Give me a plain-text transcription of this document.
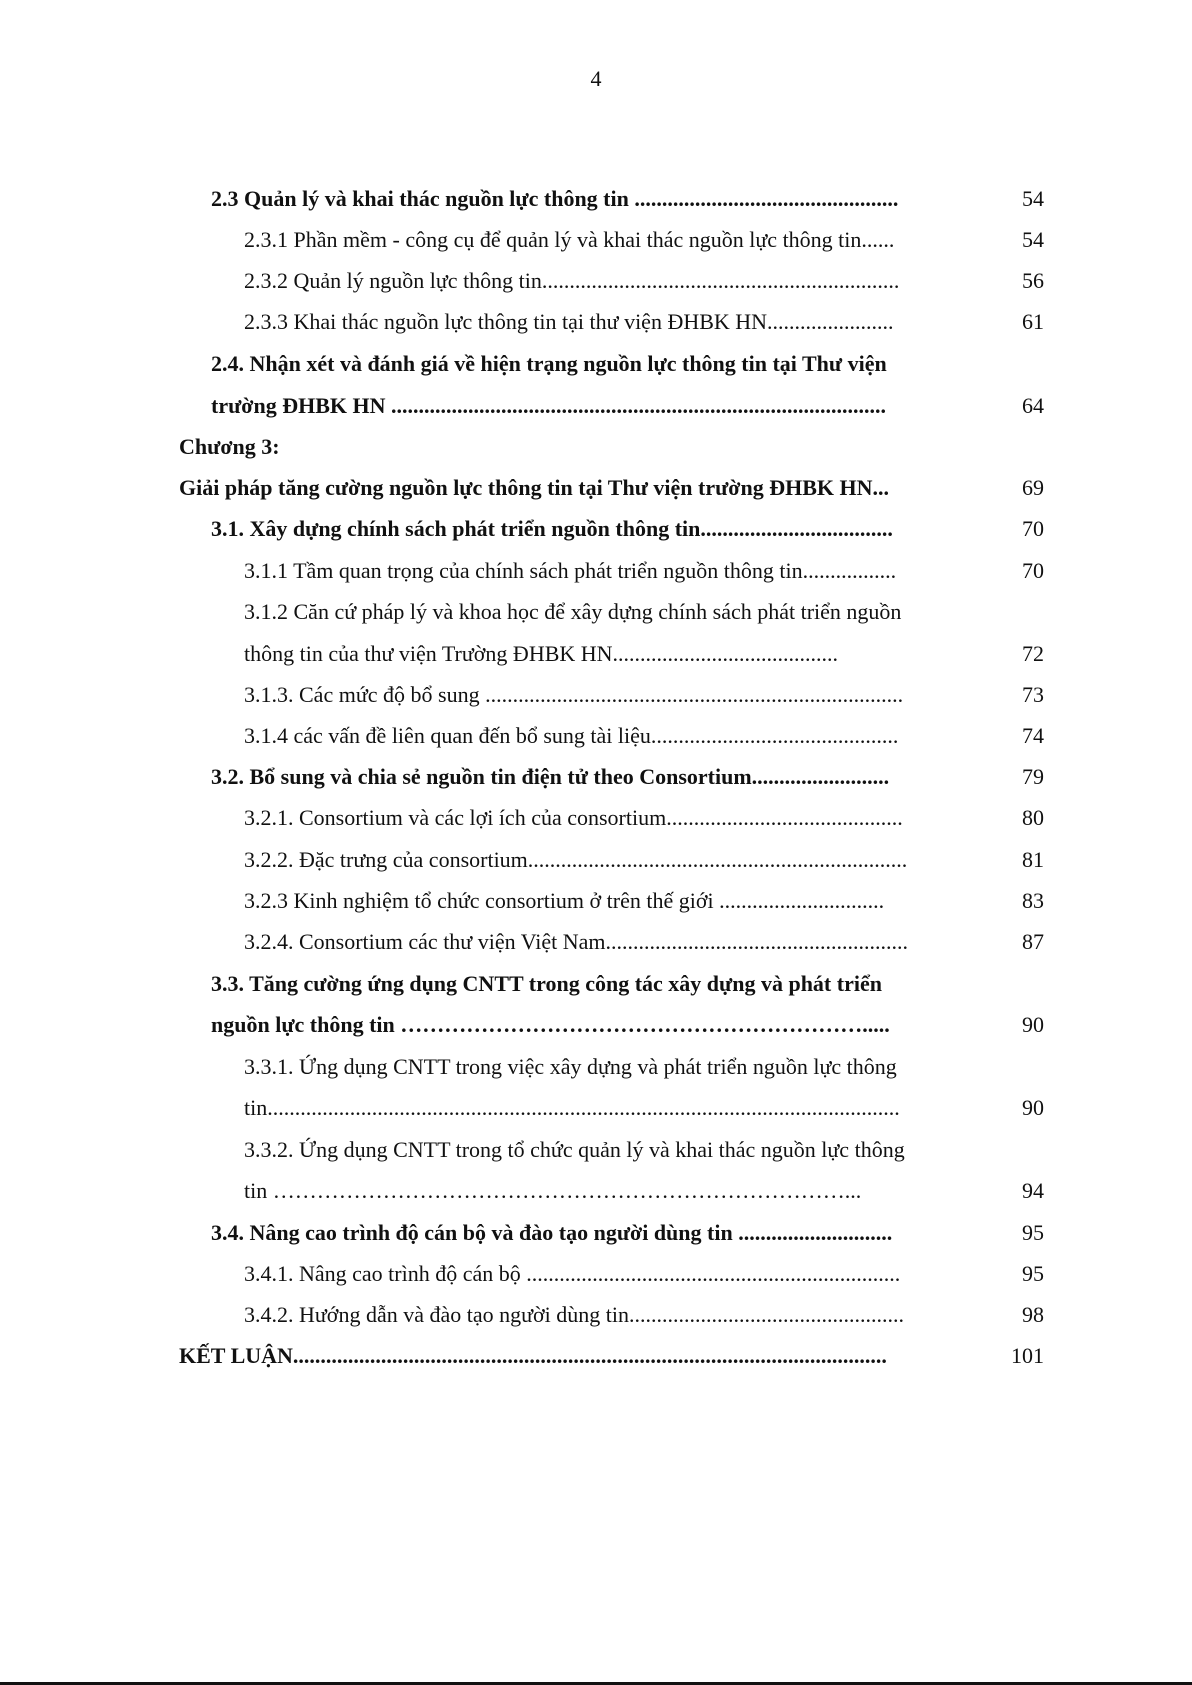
4
2.3 Quản lý và khai thác nguồn lực thông tin ................................................	54
2.3.1 Phần mềm - công cụ để quản lý và khai thác nguồn lực thông tin......	54
2.3.2 Quản lý nguồn lực thông tin.................................................................	56
2.3.3 Khai thác nguồn lực thông tin tại thư viện ĐHBK HN.......................	61
2.4. Nhận xét và đánh giá về hiện trạng nguồn lực thông tin tại Thư viện
trường ĐHBK HN ..........................................................................................	64
Chương 3:
Giải pháp tăng cường nguồn lực thông tin tại Thư viện trường ĐHBK HN...	69
3.1. Xây dựng chính sách phát triển nguồn thông tin...................................	70
3.1.1 Tầm quan trọng của chính sách phát triển nguồn thông tin.................	70
3.1.2 Căn cứ pháp lý và khoa học để xây dựng chính sách phát triển nguồn
thông tin của thư viện Trường ĐHBK HN.........................................	72
3.1.3. Các mức độ bổ sung ............................................................................	73
3.1.4 các vấn đề liên quan đến bổ sung tài liệu.............................................	74
3.2. Bổ sung và chia sẻ nguồn tin điện tử theo Consortium.........................	79
3.2.1. Consortium và các lợi ích của consortium...........................................	80
3.2.2. Đặc trưng của consortium.....................................................................	81
3.2.3 Kinh nghiệm tổ chức consortium ở trên thế giới ..............................	83
3.2.4. Consortium các thư viện Việt Nam.......................................................	87
3.3. Tăng cường ứng dụng CNTT trong công tác xây dựng và phát triển
nguồn lực thông tin ……………………………………………………….....	90
3.3.1. Ứng dụng CNTT trong việc xây dựng và phát triển nguồn lực thông
tin...................................................................................................................	90
3.3.2. Ứng dụng CNTT trong tổ chức quản lý và khai thác nguồn lực thông
tin ……………………………………………………………………...	94
3.4. Nâng cao trình độ cán bộ và đào tạo người dùng tin ............................	95
3.4.1. Nâng cao trình độ cán bộ ....................................................................	95
3.4.2. Hướng dẫn và đào tạo người dùng tin..................................................	98
KẾT LUẬN............................................................................................................	101
